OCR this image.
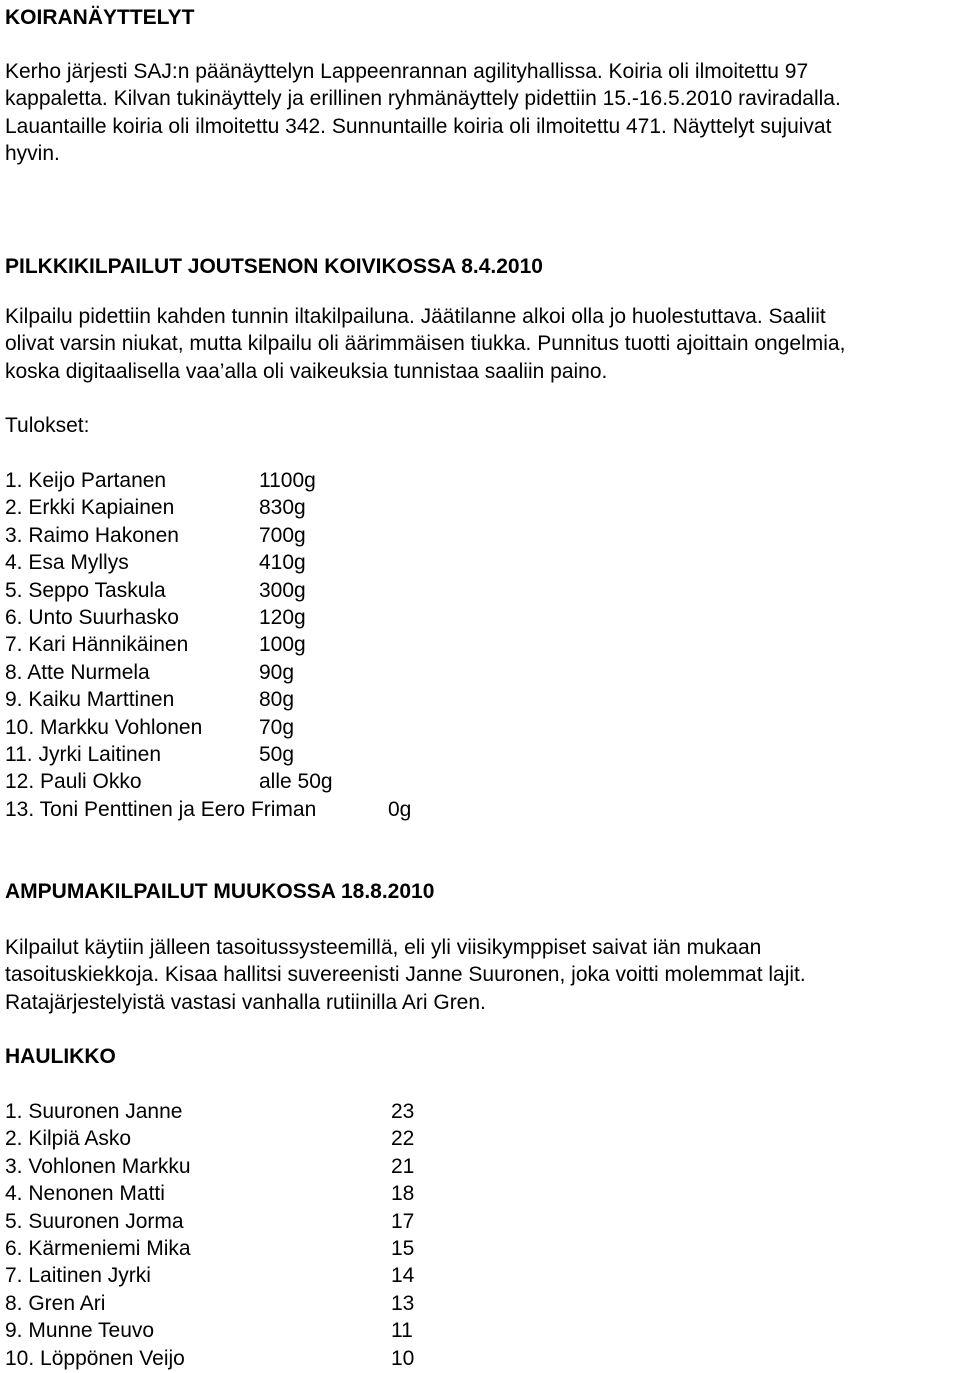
KOIRANÄYTTELYT
Kerho järjesti SAJ:n päänäyttelyn Lappeenrannan agilityhallissa. Koiria oli ilmoitettu 97
kappaletta. Kilvan tukinäyttely ja erillinen ryhmänäyttely pidettiin 15.-16.5.2010 raviradalla.
Lauantaille koiria oli ilmoitettu 342. Sunnuntaille koiria oli ilmoitettu 471. Näyttelyt sujuivat
hyvin.
PILKKIKILPAILUT JOUTSENON KOIVIKOSSA 8.4.2010
Kilpailu pidettiin kahden tunnin iltakilpailuna. Jäätilanne alkoi olla jo huolestuttava. Saaliit
olivat varsin niukat, mutta kilpailu oli äärimmäisen tiukka. Punnitus tuotti ajoittain ongelmia,
koska digitaalisella vaa’alla oli vaikeuksia tunnistaa saaliin paino.
Tulokset:
1. Keijo Partanen	1100g
2. Erkki Kapiainen	830g
3. Raimo Hakonen	700g
4. Esa Myllys	410g
5. Seppo Taskula	300g
6. Unto Suurhasko	120g
7. Kari Hännikäinen	100g
8. Atte Nurmela	90g
9. Kaiku Marttinen	80g
10. Markku Vohlonen	70g
11. Jyrki Laitinen	50g
12. Pauli Okko	alle 50g
13. Toni Penttinen ja Eero Friman	0g
AMPUMAKILPAILUT MUUKOSSA 18.8.2010
Kilpailut käytiin jälleen tasoitussysteemillä, eli yli viisikymppiset saivat iän mukaan
tasoituskiekkoja. Kisaa hallitsi suvereenisti Janne Suuronen, joka voitti molemmat lajit.
Ratajärjestelyistä vastasi vanhalla rutiinilla Ari Gren.
HAULIKKO
1. Suuronen Janne	23
2. Kilpiä Asko	22
3. Vohlonen Markku	21
4. Nenonen Matti	18
5. Suuronen Jorma	17
6. Kärmeniemi Mika	15
7. Laitinen Jyrki	14
8. Gren Ari	13
9. Munne Teuvo	11
10. Löppönen Veijo	10
